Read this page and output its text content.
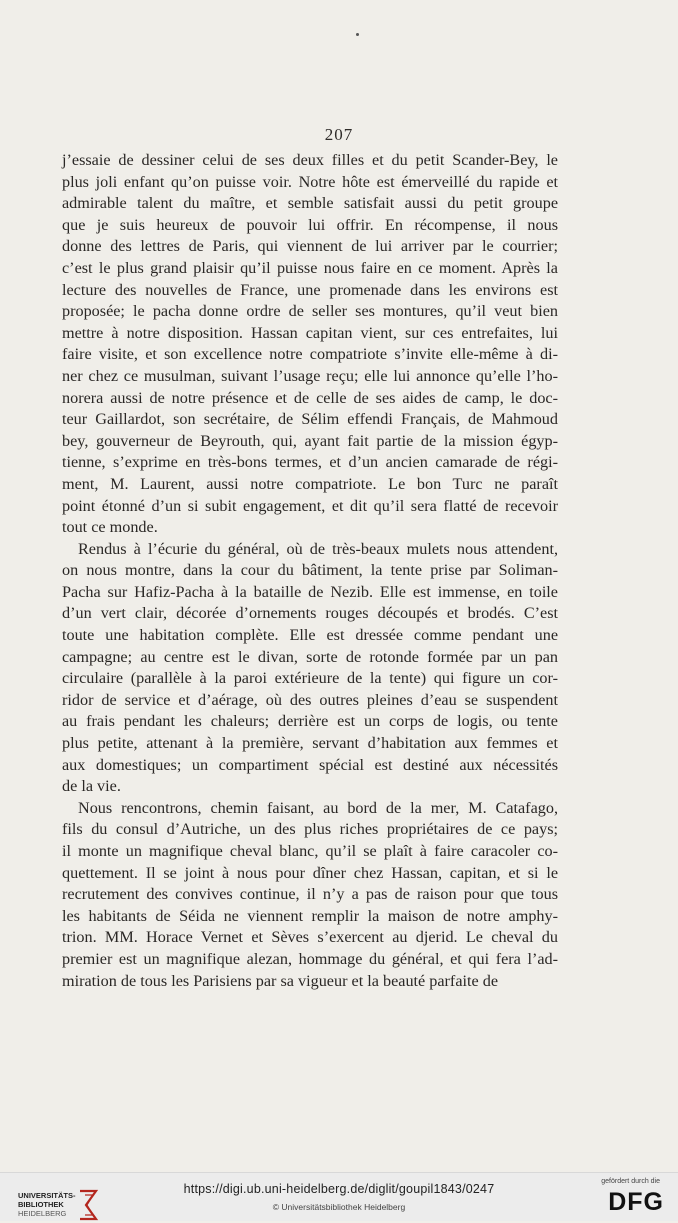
207
j’essaie de dessiner celui de ses deux filles et du petit Scander-Bey, le
plus joli enfant qu’on puisse voir. Notre hôte est émerveillé du rapide et
admirable talent du maître, et semble satisfait aussi du petit groupe
que je suis heureux de pouvoir lui offrir. En récompense, il nous
donne des lettres de Paris, qui viennent de lui arriver par le courrier;
c’est le plus grand plaisir qu’il puisse nous faire en ce moment. Après la
lecture des nouvelles de France, une promenade dans les environs est
proposée; le pacha donne ordre de seller ses montures, qu’il veut bien
mettre à notre disposition. Hassan capitan vient, sur ces entrefaites, lui
faire visite, et son excellence notre compatriote s’invite elle-même à di-
ner chez ce musulman, suivant l’usage reçu; elle lui annonce qu’elle l’ho-
norera aussi de notre présence et de celle de ses aides de camp, le doc-
teur Gaillardot, son secrétaire, de Sélim effendi Français, de Mahmoud
bey, gouverneur de Beyrouth, qui, ayant fait partie de la mission égyp-
tienne, s’exprime en très-bons termes, et d’un ancien camarade de régi-
ment, M. Laurent, aussi notre compatriote. Le bon Turc ne paraît
point étonné d’un si subit engagement, et dit qu’il sera flatté de recevoir
tout ce monde.
Rendus à l’écurie du général, où de très-beaux mulets nous attendent,
on nous montre, dans la cour du bâtiment, la tente prise par Soliman-
Pacha sur Hafiz-Pacha à la bataille de Nezib. Elle est immense, en toile
d’un vert clair, décorée d’ornements rouges découpés et brodés. C’est
toute une habitation complète. Elle est dressée comme pendant une
campagne; au centre est le divan, sorte de rotonde formée par un pan
circulaire (parallèle à la paroi extérieure de la tente) qui figure un cor-
ridor de service et d’aérage, où des outres pleines d’eau se suspendent
au frais pendant les chaleurs; derrière est un corps de logis, ou tente
plus petite, attenant à la première, servant d’habitation aux femmes et
aux domestiques; un compartiment spécial est destiné aux nécessités
de la vie.
Nous rencontrons, chemin faisant, au bord de la mer, M. Catafago,
fils du consul d’Autriche, un des plus riches propriétaires de ce pays;
il monte un magnifique cheval blanc, qu’il se plaît à faire caracoler co-
quettement. Il se joint à nous pour dîner chez Hassan, capitan, et si le
recrutement des convives continue, il n’y a pas de raison pour que tous
les habitants de Séida ne viennent remplir la maison de notre amphy-
trion. MM. Horace Vernet et Sèves s’exercent au djerid. Le cheval du
premier est un magnifique alezan, hommage du général, et qui fera l’ad-
miration de tous les Parisiens par sa vigueur et la beauté parfaite de
UNIVERSITÄTS-
BIBLIOTHEK
HEIDELBERG
https://digi.ub.uni-heidelberg.de/diglit/goupil1843/0247
© Universitätsbibliothek Heidelberg
gefördert durch die
DFG
